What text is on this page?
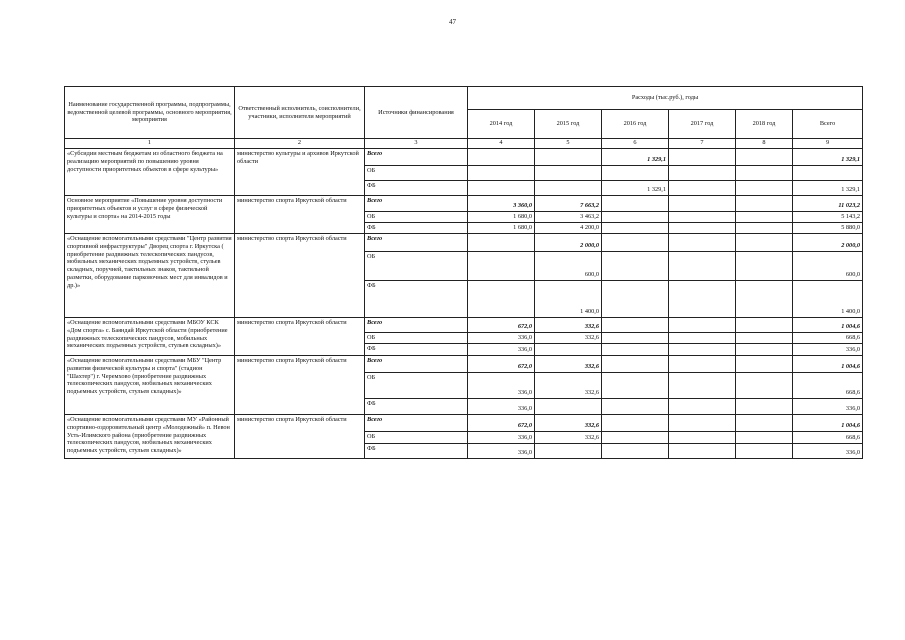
47
Наименование государственной программы, подпрограммы, ведомственной целевой программы, основного мероприятия, мероприятия	Ответственный исполнитель, соисполнители, участники, исполнители мероприятий	Источники финансирования	Расходы (тыс.руб.), годы					
			2014 год	2015 год	2016 год	2017 год	2018 год	Всего
1	2	3	4	5	6	7	8	9
«Субсидии местным бюджетам из областного бюджета на реализацию мероприятий по повышению уровня доступности приоритетных объектов в сфере культуры»	министерство культуры и архивов Иркутской области	Всего			1 329,1			1 329,1
		ОБ						
		ФБ			1 329,1			1 329,1
Основное мероприятие «Повышение уровня доступности приоритетных объектов и услуг в сфере физической культуры и спорта» на 2014-2015 годы	министерство спорта Иркутской области	Всего	3 360,0	7 663,2				11 023,2
		ОБ	1 680,0	3 463,2				5 143,2
		ФБ	1 680,0	4 200,0				5 880,0
«Оснащение вспомогательными средствами "Центр развития спортивной инфраструктуры" Дворец спорта г. Иркутска ( приобретение раздвижных телескопических пандусов, мобильных механических подъемных устройств, стульев складных, поручней, тактильных знаков, тактильной разметки, оборудование парковочных мест для инвалидов и др.)»	министерство спорта Иркутской области	Всего		2 000,0				2 000,0
		ОБ		600,0				600,0
		ФБ		1 400,0				1 400,0
«Оснащение вспомогательными средствами МБОУ КСК «Дом спорта» с. Баяндай Иркутской области (приобретение раздвижных телескопических пандусов, мобильных механических подъемных устройств, стульев складных)»	министерство спорта Иркутской области	Всего	672,0	332,6				1 004,6
		ОБ	336,0	332,6				668,6
		ФБ	336,0					336,0
«Оснащение вспомогательными средствами МБУ "Центр развития физической культуры и спорта" (стадион "Шахтер") г. Черемхово (приобретение раздвижных телескопических пандусов, мобильных механических подъемных устройств, стульев складных)»	министерство спорта Иркутской области	Всего	672,0	332,6				1 004,6
		ОБ	336,0	332,6				668,6
		ФБ	336,0					336,0
«Оснащение вспомогательными средствами МУ «Районный спортивно-оздоровительный центр «Молодежный» п. Невон Усть-Илимского района (приобретение раздвижных телескопических пандусов, мобильных механических подъемных устройств, стульев складных)»	министерство спорта Иркутской области	Всего	672,0	332,6				1 004,6
		ОБ	336,0	332,6				668,6
		ФБ	336,0					336,0
